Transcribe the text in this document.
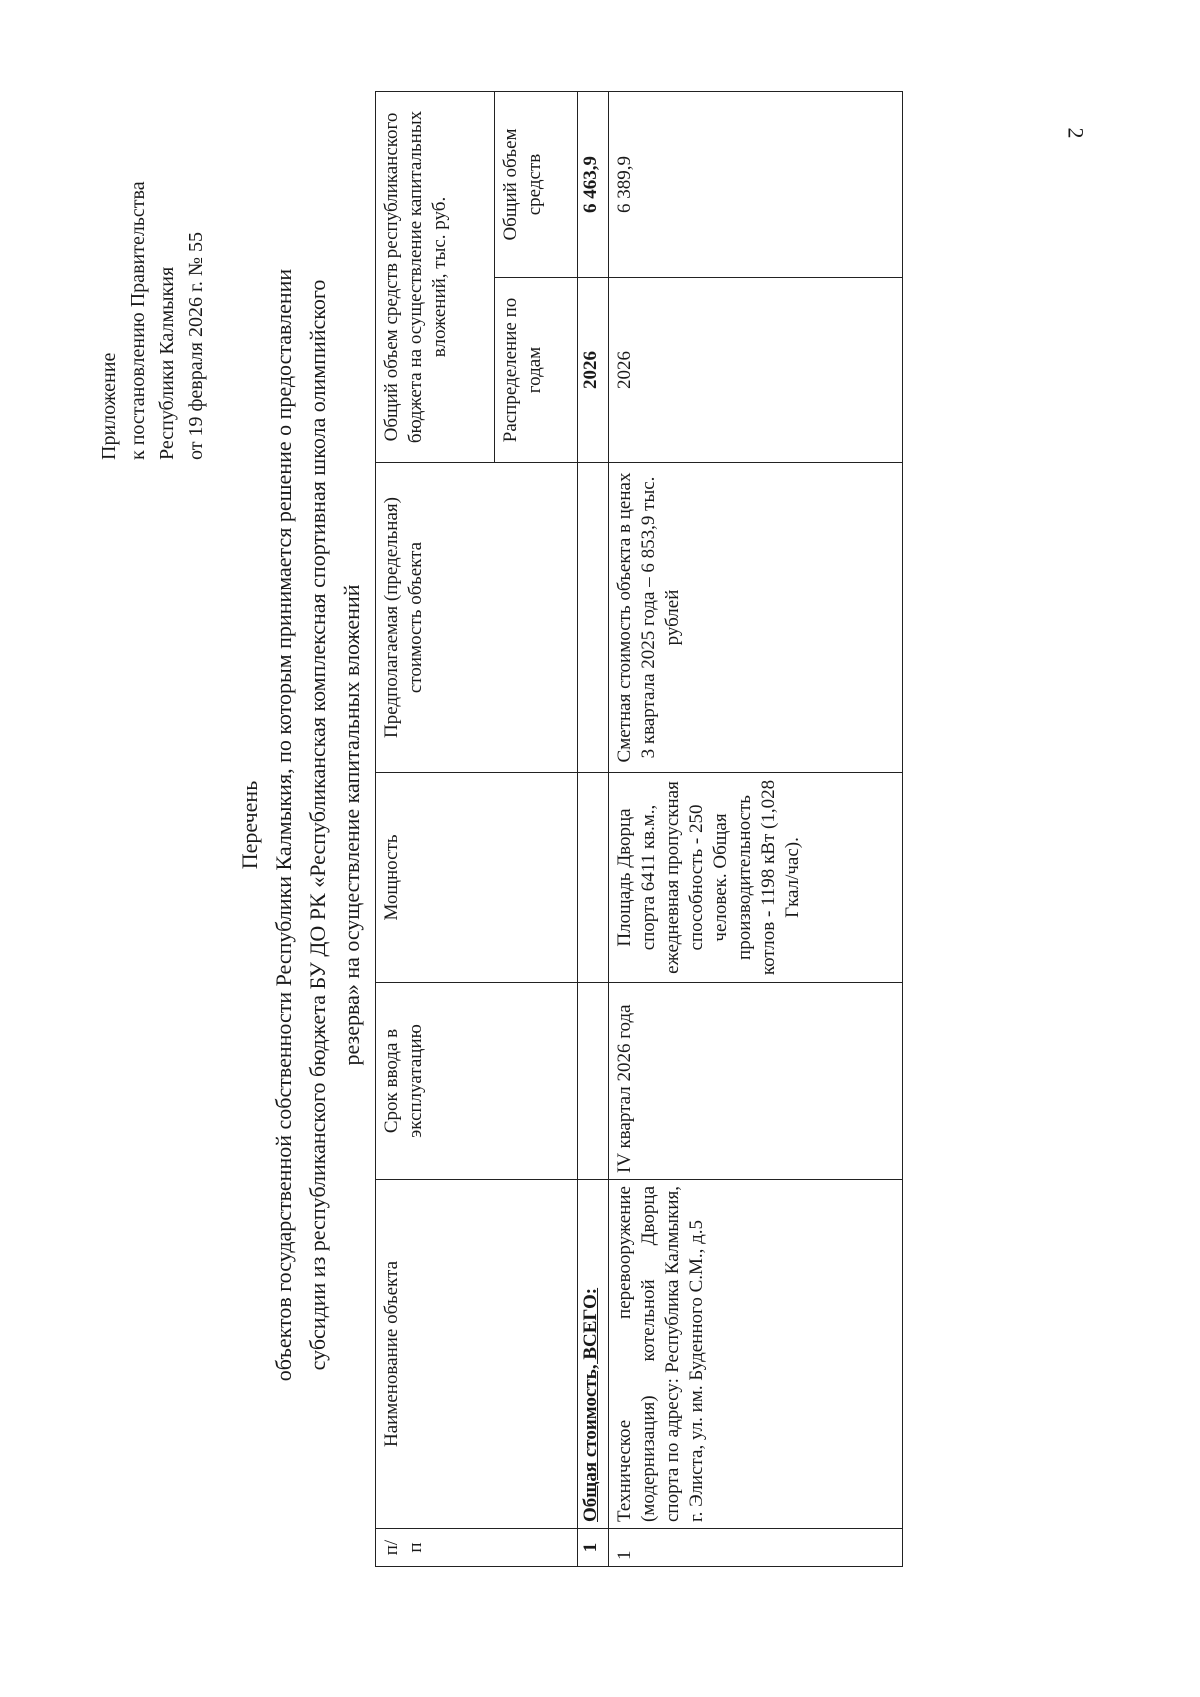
2
Приложение к постановлению Правительства Республики Калмыкия от 19 февраля 2026 г. № 55
Перечень объектов государственной собственности Республики Калмыкия, по которым принимается решение о предоставлении субсидии из республиканского бюджета БУ ДО РК «Республиканская комплексная спортивная школа олимпийского резерва» на осуществление капитальных вложений
п/ п	Наименование объекта	Срок ввода в эксплуатацию	Мощность	Предполагаемая (предельная) стоимость объекта	Общий объем средств республиканского бюджета на осуществление капитальных вложений, тыс. руб.	
					Распределение по годам	Общий объем средств
1	Общая стоимость, ВСЕГО:				2026	6 463,9
1	Техническое перевооружение (модернизация) котельной Дворца спорта по адресу: Республика Калмыкия, г. Элиста, ул. им. Буденного С.М., д.5	IV квартал 2026 года	Площадь Дворца спорта 6411 кв.м., ежедневная пропускная способность - 250 человек. Общая производительность котлов - 1198 кВт (1,028 Гкал/час).	Сметная стоимость объекта в ценах 3 квартала 2025 года – 6 853,9 тыс. рублей	2026	6 389,9
